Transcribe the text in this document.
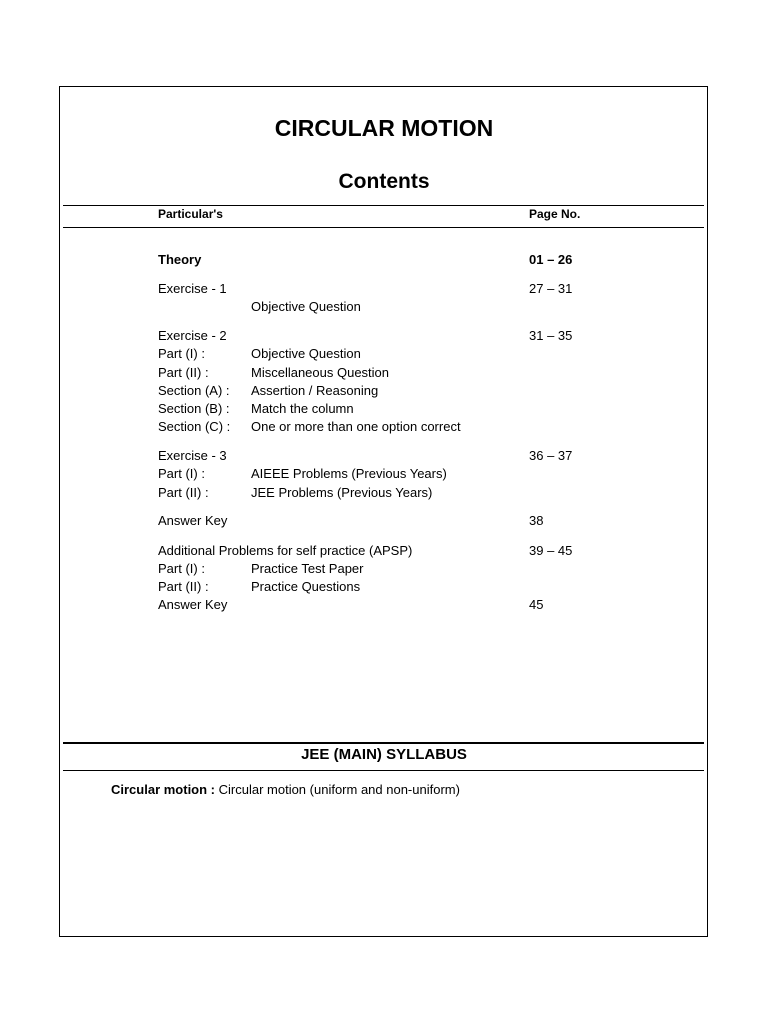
CIRCULAR MOTION
Contents
Particular's	Page No.
Theory	01 – 26
Exercise - 1	27 – 31
Objective Question
Exercise - 2	31 – 35
Part (I) :	Objective Question
Part (II) :	Miscellaneous Question
Section (A) : Assertion / Reasoning
Section (B) : Match the column
Section (C) : One or more than one option correct
Exercise - 3	36 – 37
Part (I) :	AIEEE Problems (Previous Years)
Part (II) :	JEE Problems (Previous Years)
Answer Key	38
Additional Problems for self practice (APSP)	39 – 45
Part (I) :	Practice Test Paper
Part (II) :	Practice Questions
Answer Key	45
JEE (MAIN) SYLLABUS
Circular motion : Circular motion (uniform and non-uniform)
